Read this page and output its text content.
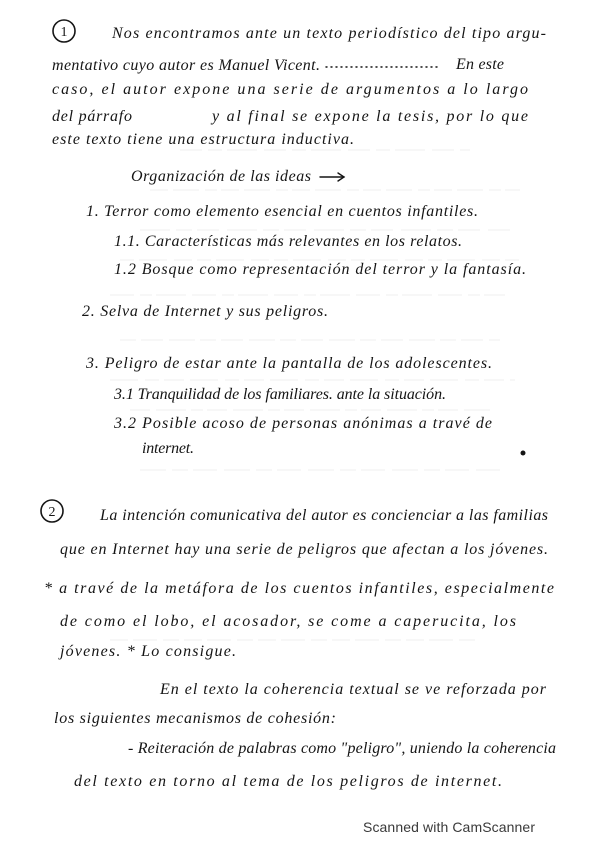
1	Nos encontramos ante un texto periodístico del tipo argu-
mentativo cuyo autor es Manuel Vicent.	En este
caso, el autor expone una serie de argumentos a lo largo
del párrafo	y al final se expone la tesis, por lo que
este texto tiene una estructura inductiva.
Organización de las ideas
1. Terror como elemento esencial en cuentos infantiles.
1.1. Características más relevantes en los relatos.
1.2 Bosque como representación del terror y la fantasía.
2. Selva de Internet y sus peligros.
3. Peligro de estar ante la pantalla de los adolescentes.
3.1 Tranquilidad de los familiares. ante la situación.
3.2 Posible acoso de personas anónimas a travé de
internet.
2	La intención comunicativa del autor es concienciar a las familias
que en Internet hay una serie de peligros que afectan a los jóvenes.
* a travé de la metáfora de los cuentos infantiles, especialmente
de como el lobo, el acosador, se come a caperucita, los
jóvenes. * Lo consigue.
En el texto la coherencia textual se ve reforzada por
los siguientes mecanismos de cohesión:
- Reiteración de palabras como "peligro", uniendo la coherencia
del texto en torno al tema de los peligros de internet.
Scanned with CamScanner
